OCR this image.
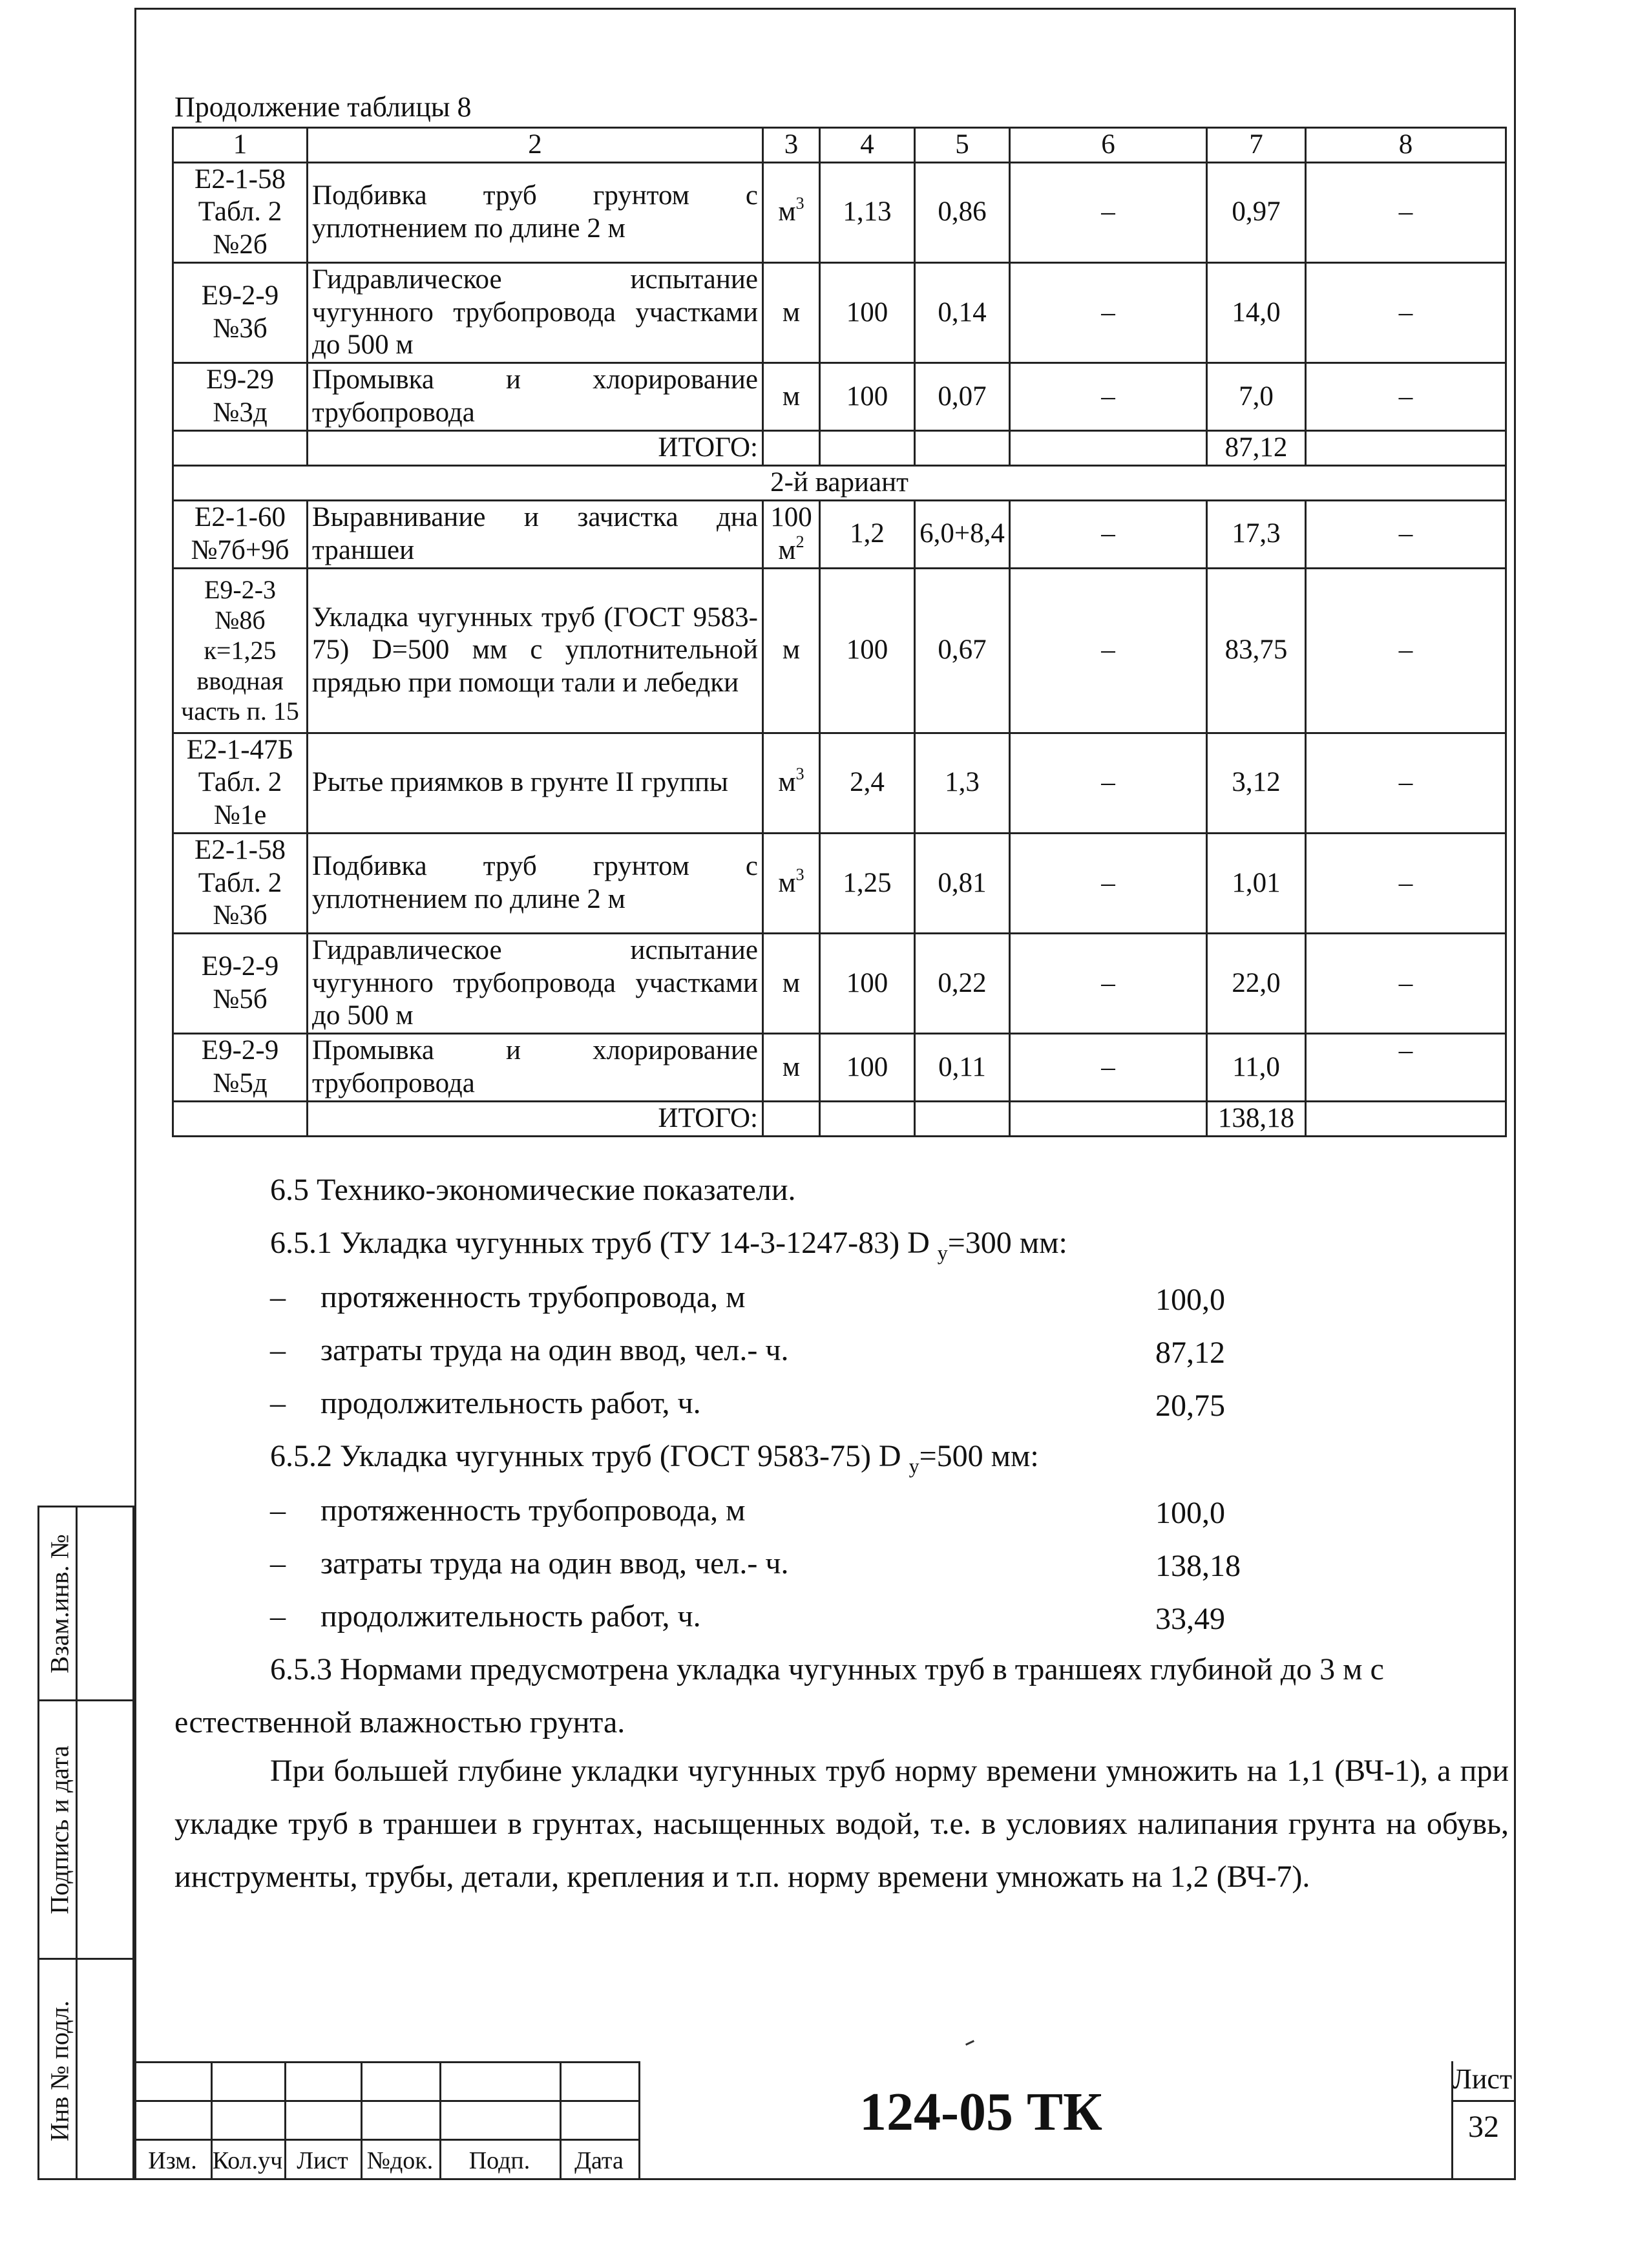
Взам.инв. №
Подпись и дата
Инв № подл.
Продолжение таблицы 8
1	2	3	4	5	6	7	8
Е2-1-58
Табл. 2
№2б	Подбивка труб грунтом с уплотнением по длине 2 м	$м^3$	1,13	0,86	–	0,97	–
Е9-2-9
№3б	Гидравлическое испытание чугунного трубопровода участками до 500 м	м	100	0,14	–	14,0	–
Е9-29
№3д	Промывка и хлорирование трубопровода	м	100	0,07	–	7,0	–
	ИТОГО:					87,12	
2-й вариант							
Е2-1-60
№7б+9б	Выравнивание и зачистка дна траншеи	100 $м^2$	1,2	6,0+8,4	–	17,3	–
Е9-2-3
№8б
к=1,25
вводная
часть п. 15	Укладка чугунных труб (ГОСТ 9583-75) D=500 мм с уплотнительной прядью при помощи тали и лебедки	м	100	0,67	–	83,75	–
Е2-1-47Б
Табл. 2
№1е	Рытье приямков в грунте II группы	$м^3$	2,4	1,3	–	3,12	–
Е2-1-58
Табл. 2
№3б	Подбивка труб грунтом с уплотнением по длине 2 м	$м^3$	1,25	0,81	–	1,01	–
Е9-2-9
№5б	Гидравлическое испытание чугунного трубопровода участками до 500 м	м	100	0,22	–	22,0	–
Е9-2-9
№5д	Промывка и хлорирование трубопровода	м	100	0,11	–	11,0	–
	ИТОГО:					138,18	
6.5 Технико-экономические показатели.
6.5.1 Укладка чугунных труб (ТУ 14-3-1247-83) D $_у$=300 мм:
– протяженность трубопровода, м	100,0
– затраты труда на один ввод, чел.- ч.	87,12
– продолжительность работ, ч.	20,75
6.5.2 Укладка чугунных труб (ГОСТ 9583-75) D $_у$=500 мм:
– протяженность трубопровода, м	100,0
– затраты труда на один ввод, чел.- ч.	138,18
– продолжительность работ, ч.	33,49
6.5.3 Нормами предусмотрена укладка чугунных труб в траншеях глубиной до 3 м с
естественной влажностью грунта.
При большей глубине укладки чугунных труб норму времени умножить на 1,1 (ВЧ-1), а при укладке труб в траншеи в грунтах, насыщенных водой, т.е. в условиях налипания грунта на обувь, инструменты, трубы, детали, крепления и т.п. норму времени умножать на 1,2 (ВЧ-7).
Изм. Кол.уч Лист №док.	Подп.	Дата
124-05 ТК
Лист
32
